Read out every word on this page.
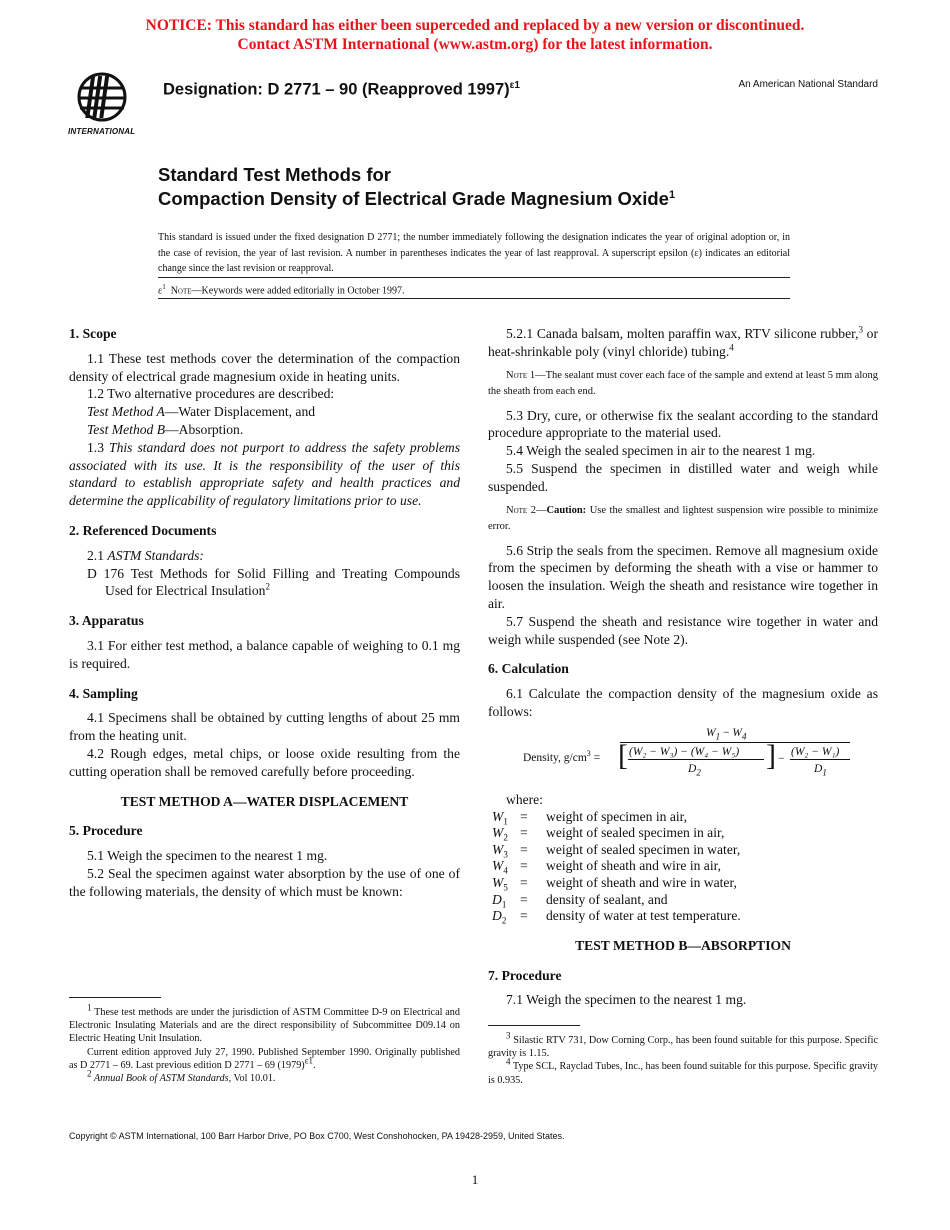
NOTICE: This standard has either been superceded and replaced by a new version or discontinued.
Contact ASTM International (www.astm.org) for the latest information.
INTERNATIONAL
Designation: D 2771 – 90 (Reapproved 1997)$^{\varepsilon 1}$	An American National Standard
Standard Test Methods for
Compaction Density of Electrical Grade Magnesium Oxide$^1$
This standard is issued under the fixed designation D 2771; the number immediately following the designation indicates the year of original adoption or, in the case of revision, the year of last revision. A number in parentheses indicates the year of last reapproval. A superscript epsilon (ε) indicates an editorial change since the last revision or reapproval.
$\varepsilon^1$ Note—Keywords were added editorially in October 1997.
1. Scope

1.1 These test methods cover the determination of the compaction density of electrical grade magnesium oxide in heating units.

1.2 Two alternative procedures are described:

Test Method A—Water Displacement, and

Test Method B—Absorption.

1.3 This standard does not purport to address the safety problems associated with its use. It is the responsibility of the user of this standard to establish appropriate safety and health practices and determine the applicability of regulatory limitations prior to use.

2. Referenced Documents

2.1 ASTM Standards:

D 176 Test Methods for Solid Filling and Treating Compounds Used for Electrical Insulation$^2$

3. Apparatus

3.1 For either test method, a balance capable of weighing to 0.1 mg is required.

4. Sampling

4.1 Specimens shall be obtained by cutting lengths of about 25 mm from the heating unit.

4.2 Rough edges, metal chips, or loose oxide resulting from the cutting operation shall be removed carefully before proceeding.

TEST METHOD A—WATER DISPLACEMENT
5. Procedure

5.1 Weigh the specimen to the nearest 1 mg.

5.2 Seal the specimen against water absorption by the use of one of the following materials, the density of which must be known:

5.2.1 Canada balsam, molten paraffin wax, RTV silicone rubber,$^3$ or heat-shrinkable poly (vinyl chloride) tubing.$^4$

Note 1—The sealant must cover each face of the sample and extend at least 5 mm along the sheath from each end.

5.3 Dry, cure, or otherwise fix the sealant according to the standard procedure appropriate to the material used.

5.4 Weigh the sealed specimen in air to the nearest 1 mg.

5.5 Suspend the specimen in distilled water and weigh while suspended.

Note 2—Caution: Use the smallest and lightest suspension wire possible to minimize error.

5.6 Strip the seals from the specimen. Remove all magnesium oxide from the specimen by deforming the sheath with a vise or hammer to loosen the insulation. Weigh the sheath and resistance wire together in air.

5.7 Suspend the sheath and resistance wire together in water and weigh while suspended (see Note 2).

6. Calculation

6.1 Calculate the compaction density of the magnesium oxide as follows:

Density, $g/cm^3$ =
$W_1 - W_4$
[ (W₂ − W₃) − (W₄ − W₅)
$D_2$
] −
(W₂ − W₁)
$D_1$

where:

$W_1$	=	weight of specimen in air,
$W_2$	=	weight of sealed specimen in air,
$W_3$	=	weight of sealed specimen in water,
$W_4$	=	weight of sheath and wire in air,
$W_5$	=	weight of sheath and wire in water,
$D_1$	=	density of sealant, and
$D_2$	=	density of water at test temperature.
TEST METHOD B—ABSORPTION
7. Procedure

7.1 Weigh the specimen to the nearest 1 mg.

$^1$ These test methods are under the jurisdiction of ASTM Committee D-9 on Electrical and Electronic Insulating Materials and are the direct responsibility of Subcommittee D09.14 on Electric Heating Unit Insulation.

Current edition approved July 27, 1990. Published September 1990. Originally published as D 2771 – 69. Last previous edition D 2771 – 69 $(1979)^{\varepsilon 1}$.

$^2$ Annual Book of ASTM Standards, Vol 10.01.

$^3$ Silastic RTV 731, Dow Corning Corp., has been found suitable for this purpose. Specific gravity is 1.15.

$^4$ Type SCL, Rayclad Tubes, Inc., has been found suitable for this purpose. Specific gravity is 0.935.

Copyright © ASTM International, 100 Barr Harbor Drive, PO Box C700, West Conshohocken, PA 19428-2959, United States.
1
